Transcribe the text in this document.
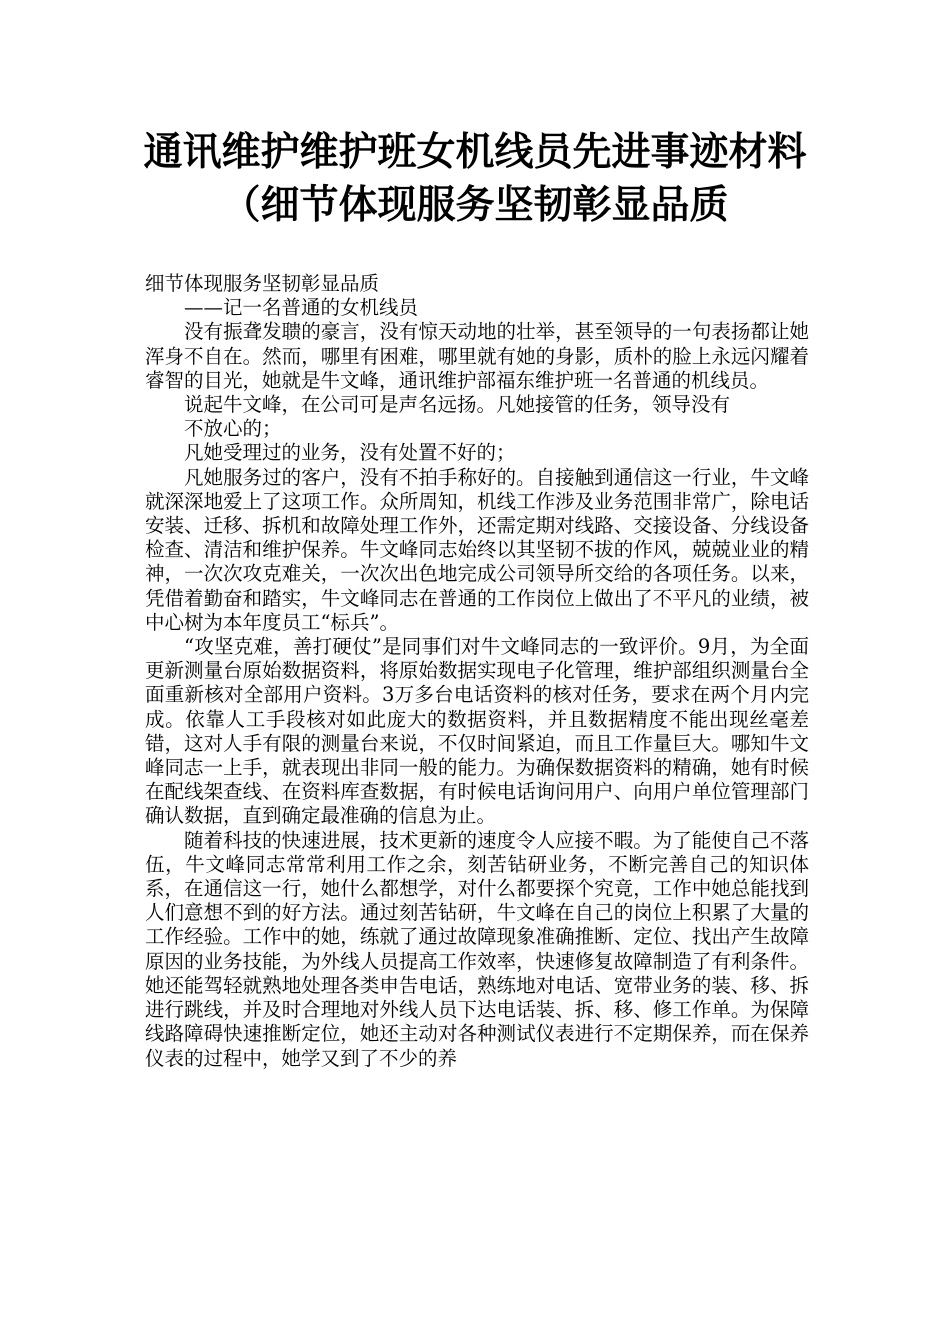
通讯维护维护班女机线员先进事迹材料
（细节体现服务坚韧彰显品质

细节体现服务坚韧彰显品质

——记一名普通的女机线员

没有振聋发聩的豪言，没有惊天动地的壮举，甚至领导的一句表扬都让她浑身不自在。然而，哪里有困难，哪里就有她的身影，质朴的脸上永远闪耀着睿智的目光，她就是牛文峰，通讯维护部福东维护班一名普通的机线员。

说起牛文峰，在公司可是声名远扬。凡她接管的任务，领导没有

不放心的；

凡她受理过的业务，没有处置不好的；

凡她服务过的客户，没有不拍手称好的。自接触到通信这一行业，牛文峰就深深地爱上了这项工作。众所周知，机线工作涉及业务范围非常广，除电话安装、迁移、拆机和故障处理工作外，还需定期对线路、交接设备、分线设备检查、清洁和维护保养。牛文峰同志始终以其坚韧不拔的作风，兢兢业业的精神，一次次攻克难关，一次次出色地完成公司领导所交给的各项任务。以来，凭借着勤奋和踏实，牛文峰同志在普通的工作岗位上做出了不平凡的业绩，被中心树为本年度员工“标兵”。

“攻坚克难，善打硬仗”是同事们对牛文峰同志的一致评价。9月，为全面更新测量台原始数据资料，将原始数据实现电子化管理，维护部组织测量台全面重新核对全部用户资料。3万多台电话资料的核对任务，要求在两个月内完成。依靠人工手段核对如此庞大的数据资料，并且数据精度不能出现丝毫差错，这对人手有限的测量台来说，不仅时间紧迫，而且工作量巨大。哪知牛文峰同志一上手，就表现出非同一般的能力。为确保数据资料的精确，她有时候在配线架查线、在资料库查数据，有时候电话询问用户、向用户单位管理部门确认数据，直到确定最准确的信息为止。

随着科技的快速进展，技术更新的速度令人应接不暇。为了能使自己不落伍，牛文峰同志常常利用工作之余，刻苦钻研业务，不断完善自己的知识体系，在通信这一行，她什么都想学，对什么都要探个究竟，工作中她总能找到人们意想不到的好方法。通过刻苦钻研，牛文峰在自己的岗位上积累了大量的工作经验。工作中的她，练就了通过故障现象准确推断、定位、找出产生故障原因的业务技能，为外线人员提高工作效率，快速修复故障制造了有利条件。她还能驾轻就熟地处理各类申告电话，熟练地对电话、宽带业务的装、移、拆进行跳线，并及时合理地对外线人员下达电话装、拆、移、修工作单。为保障线路障碍快速推断定位，她还主动对各种测试仪表进行不定期保养，而在保养仪表的过程中，她学又到了不少的养
